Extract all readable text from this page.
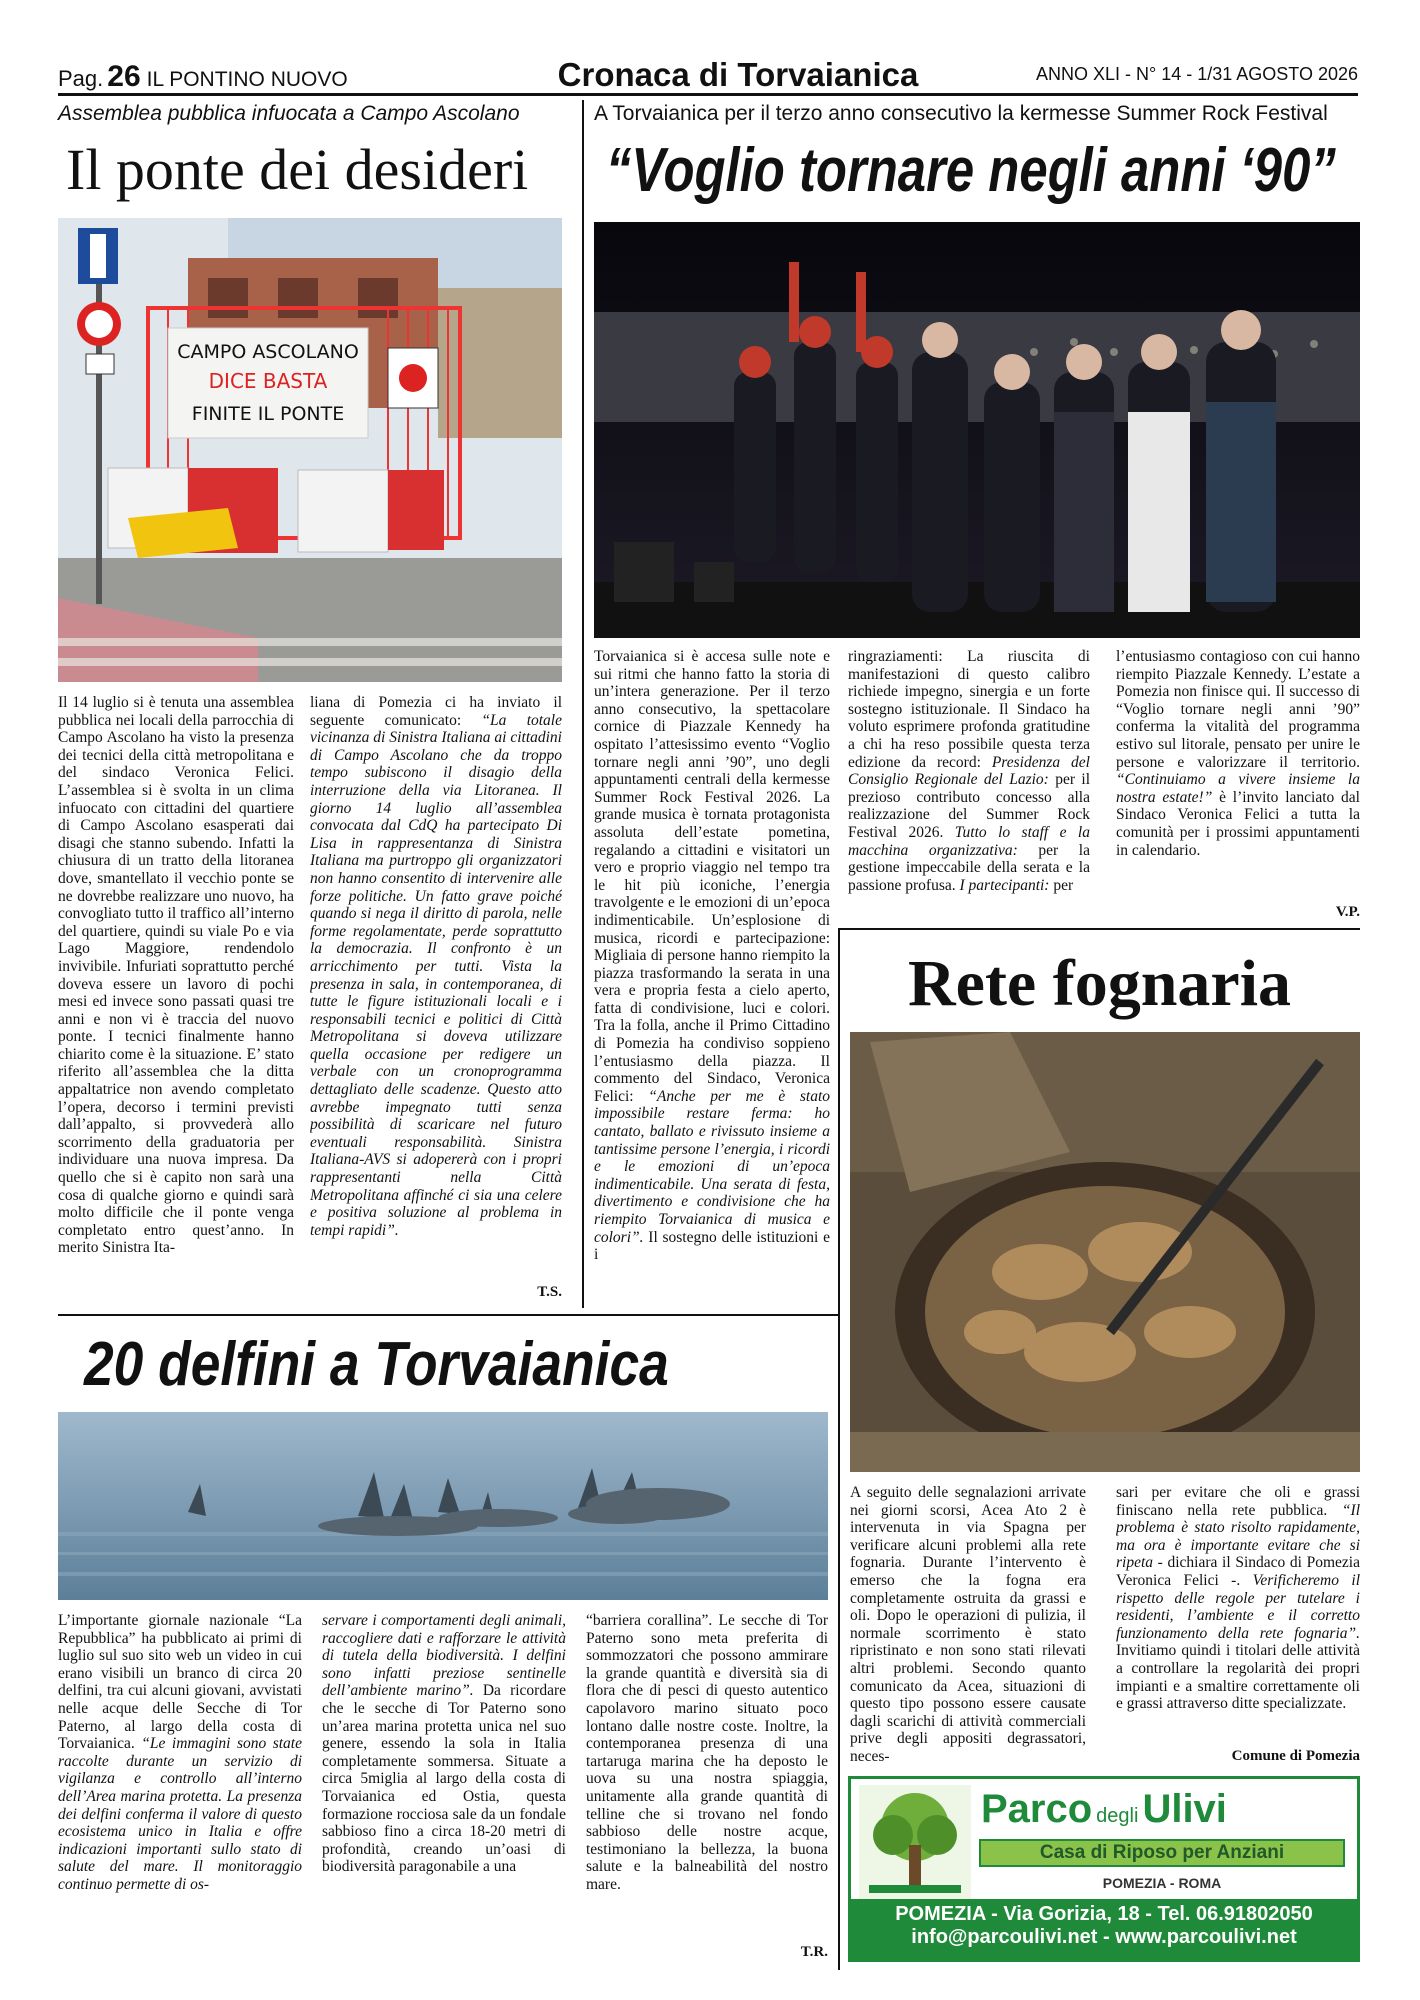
Pag. 26 IL PONTINO NUOVO	Cronaca di Torvaianica	ANNO XLI - N° 14 - 1/31 AGOSTO 2026
Assemblea pubblica infuocata a Campo Ascolano
Il ponte dei desideri
CAMPO ASCOLANO
DICE BASTA
FINITE IL PONTE

Il 14 luglio si è tenuta una assemblea pubblica nei locali della parrocchia di Campo Ascolano ha visto la presenza dei tecnici della città metropolitana e del sindaco Veronica Felici. L’assemblea si è svolta in un clima infuocato con cittadini del quartiere di Campo Ascolano esasperati dai disagi che stanno subendo. Infatti la chiusura di un tratto della litoranea dove, smantellato il vecchio ponte se ne dovrebbe realizzare uno nuovo, ha convogliato tutto il traffico all’interno del quartiere, quindi su viale Po e via Lago Maggiore, rendendolo invivibile. Infuriati soprattutto perché doveva essere un lavoro di pochi mesi ed invece sono passati quasi tre anni e non vi è traccia del nuovo ponte. I tecnici finalmente hanno chiarito come è la situazione. E’ stato riferito all’assemblea che la ditta appaltatrice non avendo completato l’opera, decorso i termini previsti dall’appalto, si provvederà allo scorrimento della graduatoria per individuare una nuova impresa. Da quello che si è capito non sarà una cosa di qualche giorno e quindi sarà molto difficile che il ponte venga completato entro quest’anno. In merito Sinistra Ita-

liana di Pomezia ci ha inviato il seguente comunicato: “La totale vicinanza di Sinistra Italiana ai cittadini di Campo Ascolano che da troppo tempo subiscono il disagio della interruzione della via Litoranea. Il giorno 14 luglio all’assemblea convocata dal CdQ ha partecipato Di Lisa in rappresentanza di Sinistra Italiana ma purtroppo gli organizzatori non hanno consentito di intervenire alle forze politiche. Un fatto grave poiché quando si nega il diritto di parola, nelle forme regolamentate, perde soprattutto la democrazia. Il confronto è un arricchimento per tutti. Vista la presenza in sala, in contemporanea, di tutte le figure istituzionali locali e i responsabili tecnici e politici di Città Metropolitana si doveva utilizzare quella occasione per redigere un verbale con un cronoprogramma dettagliato delle scadenze. Questo atto avrebbe impegnato tutti senza possibilità di scaricare nel futuro eventuali responsabilità. Sinistra Italiana-AVS si adopererà con i propri rappresentanti nella Città Metropolitana affinché ci sia una celere e positiva soluzione al problema in tempi rapidi”.

T.S.
A Torvaianica per il terzo anno consecutivo la kermesse Summer Rock Festival
“Voglio tornare negli anni ‘90”

Torvaianica si è accesa sulle note e sui ritmi che hanno fatto la storia di un’intera generazione. Per il terzo anno consecutivo, la spettacolare cornice di Piazzale Kennedy ha ospitato l’attesissimo evento “Voglio tornare negli anni ’90”, uno degli appuntamenti centrali della kermesse Summer Rock Festival 2026. La grande musica è tornata protagonista assoluta dell’estate pometina, regalando a cittadini e visitatori un vero e proprio viaggio nel tempo tra le hit più iconiche, l’energia travolgente e le emozioni di un’epoca indimenticabile. Un’esplosione di musica, ricordi e partecipazione: Migliaia di persone hanno riempito la piazza trasformando la serata in una vera e propria festa a cielo aperto, fatta di condivisione, luci e colori. Tra la folla, anche il Primo Cittadino di Pomezia ha condiviso soppieno l’entusiasmo della piazza. Il commento del Sindaco, Veronica Felici: “Anche per me è stato impossibile restare ferma: ho cantato, ballato e rivissuto insieme a tantissime persone l’energia, i ricordi e le emozioni di un’epoca indimenticabile. Una serata di festa, divertimento e condivisione che ha riempito Torvaianica di musica e colori”. Il sostegno delle istituzioni e i

ringraziamenti: La riuscita di manifestazioni di questo calibro richiede impegno, sinergia e un forte sostegno istituzionale. Il Sindaco ha voluto esprimere profonda gratitudine a chi ha reso possibile questa terza edizione da record: Presidenza del Consiglio Regionale del Lazio: per il prezioso contributo concesso alla realizzazione del Summer Rock Festival 2026. Tutto lo staff e la macchina organizzativa: per la gestione impeccabile della serata e la passione profusa. I partecipanti: per

l’entusiasmo contagioso con cui hanno riempito Piazzale Kennedy. L’estate a Pomezia non finisce qui. Il successo di “Voglio tornare negli anni ’90” conferma la vitalità del programma estivo sul litorale, pensato per unire le persone e valorizzare il territorio. “Continuiamo a vivere insieme la nostra estate!” è l’invito lanciato dal Sindaco Veronica Felici a tutta la comunità per i prossimi appuntamenti in calendario.

V.P.
Rete fognaria

A seguito delle segnalazioni arrivate nei giorni scorsi, Acea Ato 2 è intervenuta in via Spagna per verificare alcuni problemi alla rete fognaria. Durante l’intervento è emerso che la fogna era completamente ostruita da grassi e oli. Dopo le operazioni di pulizia, il normale scorrimento è stato ripristinato e non sono stati rilevati altri problemi. Secondo quanto comunicato da Acea, situazioni di questo tipo possono essere causate dagli scarichi di attività commerciali prive degli appositi degrassatori, neces-

sari per evitare che oli e grassi finiscano nella rete pubblica. “Il problema è stato risolto rapidamente, ma ora è importante evitare che si ripeta - dichiara il Sindaco di Pomezia Veronica Felici -. Verificheremo il rispetto delle regole per tutelare i residenti, l’ambiente e il corretto funzionamento della rete fognaria”. Invitiamo quindi i titolari delle attività a controllare la regolarità dei propri impianti e a smaltire correttamente oli e grassi attraverso ditte specializzate.

Comune di Pomezia
20 delfini a Torvaianica

L’importante giornale nazionale “La Repubblica” ha pubblicato ai primi di luglio sul suo sito web un video in cui erano visibili un branco di circa 20 delfini, tra cui alcuni giovani, avvistati nelle acque delle Secche di Tor Paterno, al largo della costa di Torvaianica. “Le immagini sono state raccolte durante un servizio di vigilanza e controllo all’interno dell’Area marina protetta. La presenza dei delfini conferma il valore di questo ecosistema unico in Italia e offre indicazioni importanti sullo stato di salute del mare. Il monitoraggio continuo permette di os-

servare i comportamenti degli animali, raccogliere dati e rafforzare le attività di tutela della biodiversità. I delfini sono infatti preziose sentinelle dell’ambiente marino”. Da ricordare che le secche di Tor Paterno sono un’area marina protetta unica nel suo genere, essendo la sola in Italia completamente sommersa. Situate a circa 5miglia al largo della costa di Torvaianica ed Ostia, questa formazione rocciosa sale da un fondale sabbioso fino a circa 18-20 metri di profondità, creando un’oasi di biodiversità paragonabile a una

“barriera corallina”. Le secche di Tor Paterno sono meta preferita di sommozzatori che possono ammirare la grande quantità e diversità sia di flora che di pesci di questo autentico capolavoro marino situato poco lontano dalle nostre coste. Inoltre, la contemporanea presenza di una tartaruga marina che ha deposto le uova su una nostra spiaggia, unitamente alla grande quantità di telline che si trovano nel fondo sabbioso delle nostre acque, testimoniano la bellezza, la buona salute e la balneabilità del nostro mare.

T.R.
Parco degli Ulivi
Casa di Riposo per Anziani
POMEZIA - ROMA
POMEZIA - Via Gorizia, 18 - Tel. 06.91802050
info@parcoulivi.net - www.parcoulivi.net
